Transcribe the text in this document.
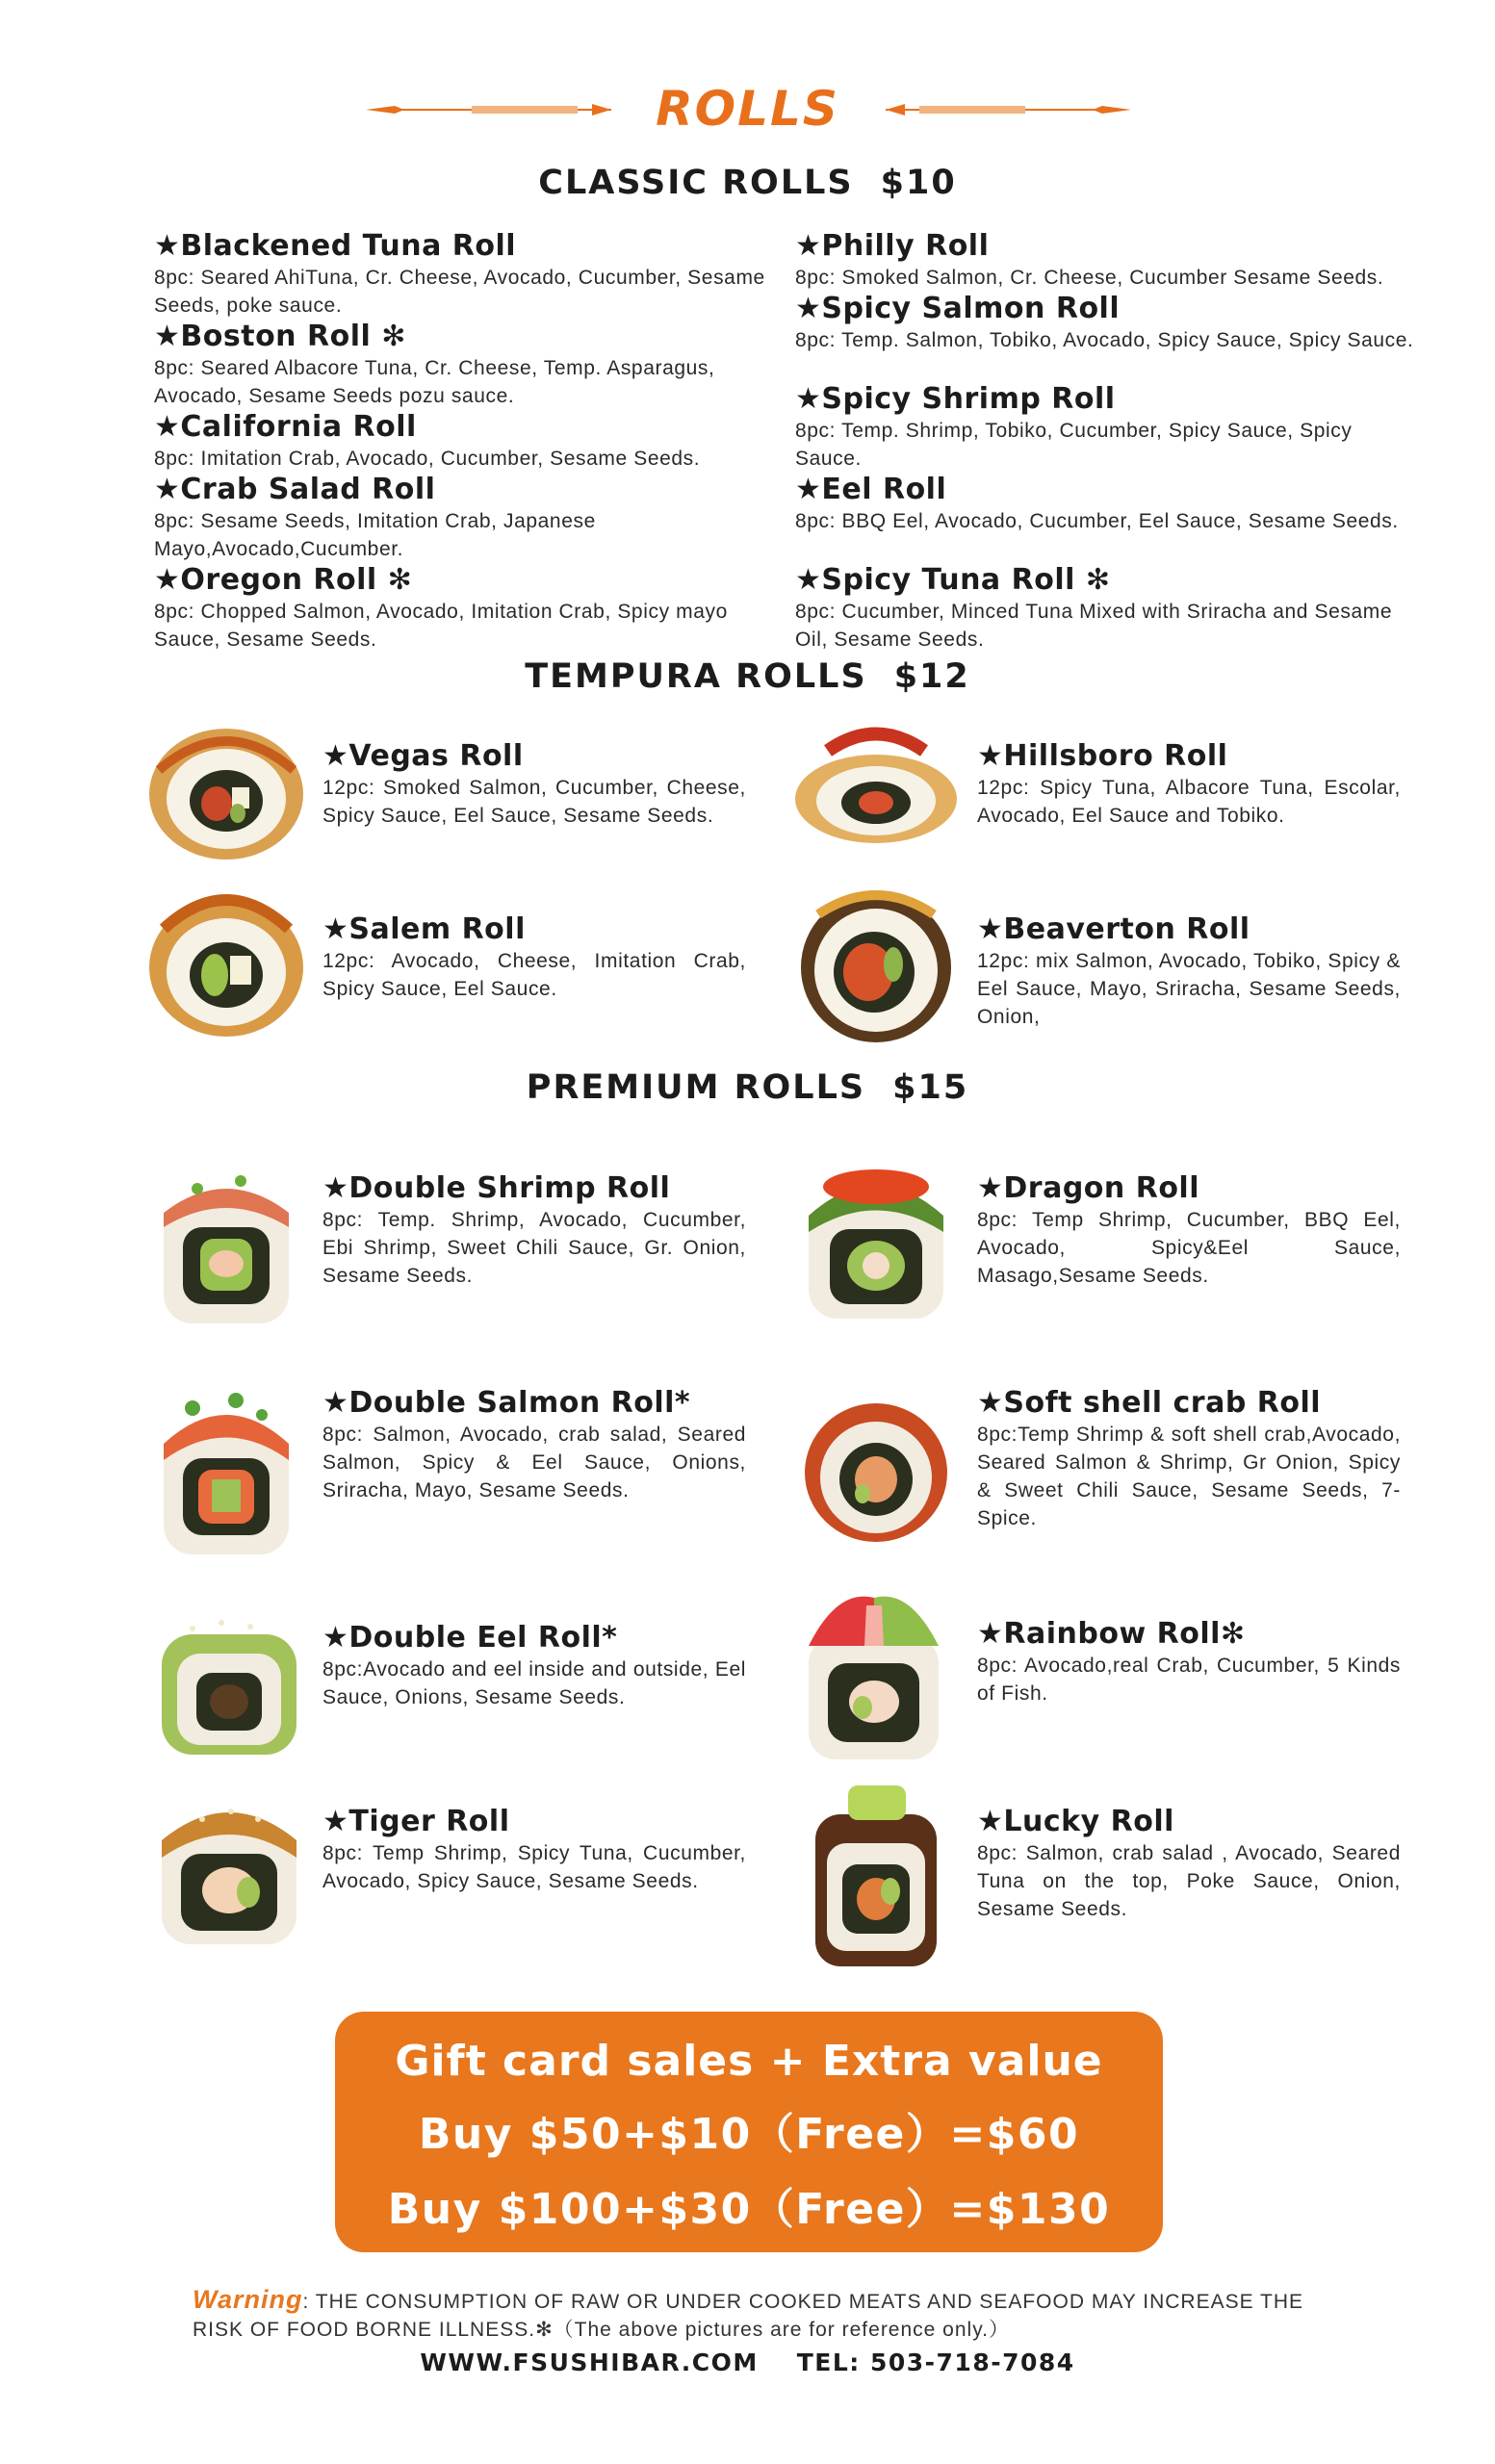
ROLLS
CLASSIC ROLLS $10
★Blackened Tuna Roll
8pc: Seared AhiTuna, Cr. Cheese, Avocado, Cucumber, Sesame Seeds, poke sauce.
★Boston Roll ✻
8pc: Seared Albacore Tuna, Cr. Cheese, Temp. Asparagus, Avocado, Sesame Seeds pozu sauce.
★California Roll
8pc: Imitation Crab, Avocado, Cucumber, Sesame Seeds.
★Crab Salad Roll
8pc: Sesame Seeds, Imitation Crab, Japanese Mayo,Avocado,Cucumber.
★Oregon Roll ✻
8pc: Chopped Salmon, Avocado, Imitation Crab, Spicy mayo Sauce, Sesame Seeds.
★Philly Roll
8pc: Smoked Salmon, Cr. Cheese, Cucumber Sesame Seeds.
★Spicy Salmon Roll
8pc: Temp. Salmon, Tobiko, Avocado, Spicy Sauce, Spicy Sauce.
★Spicy Shrimp Roll
8pc: Temp. Shrimp, Tobiko, Cucumber, Spicy Sauce, Spicy Sauce.
★Eel Roll
8pc: BBQ Eel, Avocado, Cucumber, Eel Sauce, Sesame Seeds.
★Spicy Tuna Roll ✻
8pc: Cucumber, Minced Tuna Mixed with Sriracha and Sesame Oil, Sesame Seeds.
TEMPURA ROLLS $12
★Vegas Roll
12pc: Smoked Salmon, Cucumber, Cheese, Spicy Sauce, Eel Sauce, Sesame Seeds.
★Hillsboro Roll
12pc: Spicy Tuna, Albacore Tuna, Escolar, Avocado, Eel Sauce and Tobiko.
★Salem Roll
12pc: Avocado, Cheese, Imitation Crab, Spicy Sauce, Eel Sauce.
★Beaverton Roll
12pc: mix Salmon, Avocado, Tobiko, Spicy & Eel Sauce, Mayo, Sriracha, Sesame Seeds, Onion,
PREMIUM ROLLS $15
★Double Shrimp Roll
8pc: Temp. Shrimp, Avocado, Cucumber, Ebi Shrimp, Sweet Chili Sauce, Gr. Onion, Sesame Seeds.
★Dragon Roll
8pc: Temp Shrimp, Cucumber, BBQ Eel, Avocado, Spicy&Eel Sauce, Masago,Sesame Seeds.
★Double Salmon Roll*
8pc: Salmon, Avocado, crab salad, Seared Salmon, Spicy & Eel Sauce, Onions, Sriracha, Mayo, Sesame Seeds.
★Soft shell crab Roll
8pc:Temp Shrimp & soft shell crab,Avocado, Seared Salmon & Shrimp, Gr Onion, Spicy & Sweet Chili Sauce, Sesame Seeds, 7-Spice.
★Double Eel Roll*
8pc:Avocado and eel inside and outside, Eel Sauce, Onions, Sesame Seeds.
★Rainbow Roll✻
8pc: Avocado,real Crab, Cucumber, 5 Kinds of Fish.
★Tiger Roll
8pc: Temp Shrimp, Spicy Tuna, Cucumber, Avocado, Spicy Sauce, Sesame Seeds.
★Lucky Roll
8pc: Salmon, crab salad , Avocado, Seared Tuna on the top, Poke Sauce, Onion, Sesame Seeds.
Gift card sales + Extra value
Buy $50+$10（Free）=$60
Buy $100+$30（Free）=$130
Warning: THE CONSUMPTION OF RAW OR UNDER COOKED MEATS AND SEAFOOD MAY INCREASE THE RISK OF FOOD BORNE ILLNESS.✻（The above pictures are for reference only.）
WWW.FSUSHIBAR.COM TEL: 503-718-7084
